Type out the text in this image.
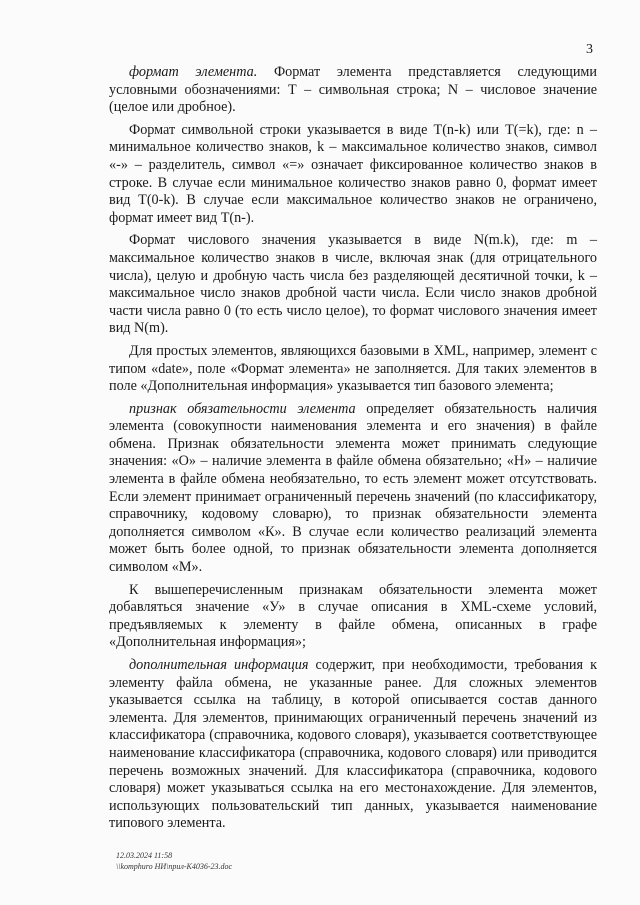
3

формат элемента. Формат элемента представляется следующими условными обозначениями: Т – символьная строка; N – числовое значение (целое или дробное).

Формат символьной строки указывается в виде T(n-k) или T(=k), где: n – минимальное количество знаков, k – максимальное количество знаков, символ «-» – разделитель, символ «=» означает фиксированное количество знаков в строке. В случае если минимальное количество знаков равно 0, формат имеет вид T(0-k). В случае если максимальное количество знаков не ограничено, формат имеет вид T(n-).

Формат числового значения указывается в виде N(m.k), где: m – максимальное количество знаков в числе, включая знак (для отрицательного числа), целую и дробную часть числа без разделяющей десятичной точки, k – максимальное число знаков дробной части числа. Если число знаков дробной части числа равно 0 (то есть число целое), то формат числового значения имеет вид N(m).

Для простых элементов, являющихся базовыми в XML, например, элемент с типом «date», поле «Формат элемента» не заполняется. Для таких элементов в поле «Дополнительная информация» указывается тип базового элемента;

признак обязательности элемента определяет обязательность наличия элемента (совокупности наименования элемента и его значения) в файле обмена. Признак обязательности элемента может принимать следующие значения: «О» – наличие элемента в файле обмена обязательно; «Н» – наличие элемента в файле обмена необязательно, то есть элемент может отсутствовать. Если элемент принимает ограниченный перечень значений (по классификатору, справочнику, кодовому словарю), то признак обязательности элемента дополняется символом «К». В случае если количество реализаций элемента может быть более одной, то признак обязательности элемента дополняется символом «М».

К вышеперечисленным признакам обязательности элемента может добавляться значение «У» в случае описания в XML-схеме условий, предъявляемых к элементу в файле обмена, описанных в графе «Дополнительная информация»;

дополнительная информация содержит, при необходимости, требования к элементу файла обмена, не указанные ранее. Для сложных элементов указывается ссылка на таблицу, в которой описывается состав данного элемента. Для элементов, принимающих ограниченный перечень значений из классификатора (справочника, кодового словаря), указывается соответствующее наименование классификатора (справочника, кодового словаря) или приводится перечень возможных значений. Для классификатора (справочника, кодового словаря) может указываться ссылка на его местонахождение. Для элементов, использующих пользовательский тип данных, указывается наименование типового элемента.

12.03.2024 11:58
\\komphuro НИ\прил-К4036-23.doc
